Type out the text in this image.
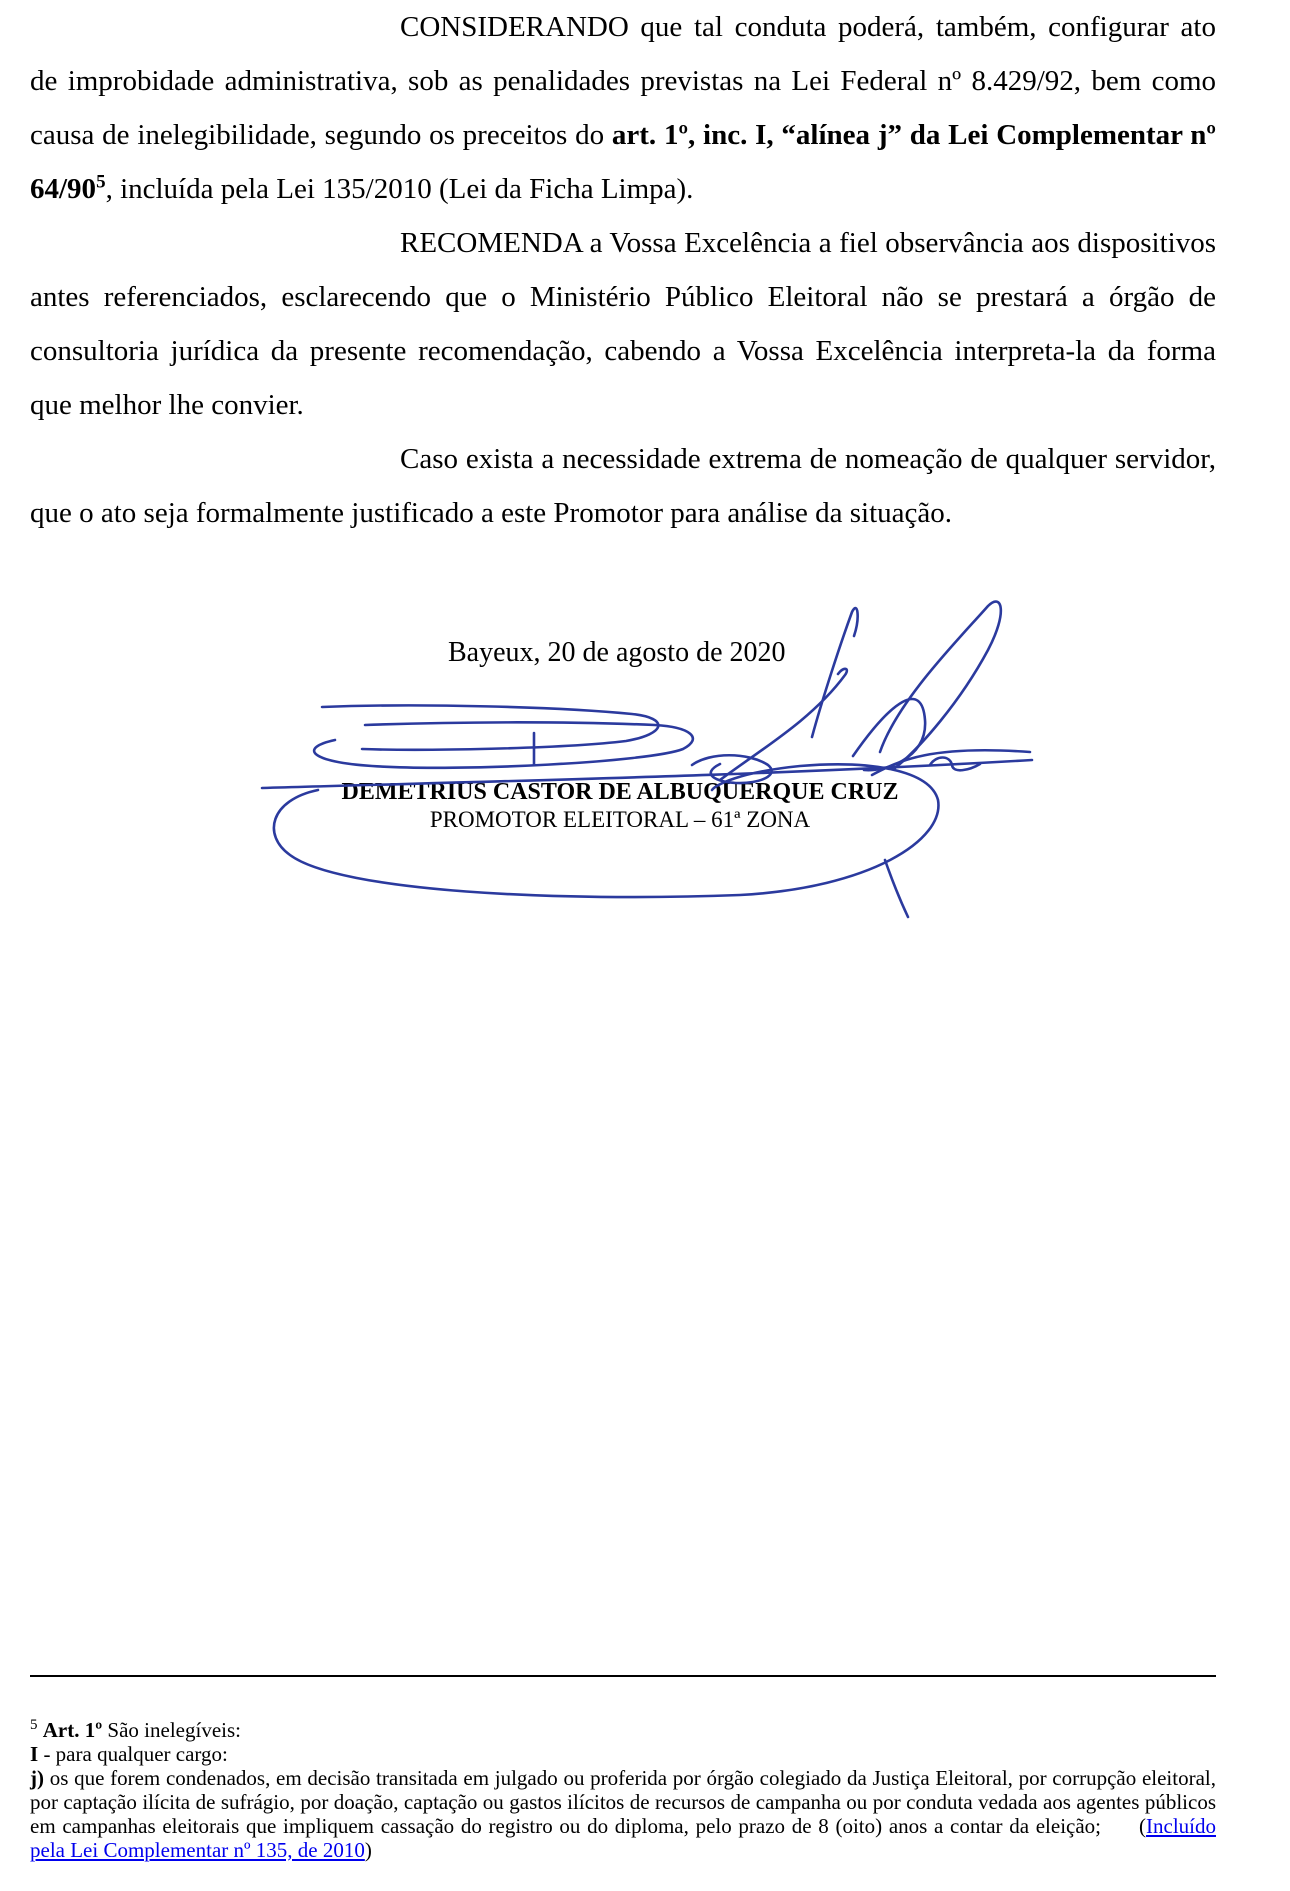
CONSIDERANDO que tal conduta poderá, também, configurar ato de improbidade administrativa, sob as penalidades previstas na Lei Federal nº 8.429/92, bem como causa de inelegibilidade, segundo os preceitos do art. 1º, inc. I, “alínea j” da Lei Complementar nº $64/90^5$, incluída pela Lei 135/2010 (Lei da Ficha Limpa).

RECOMENDA a Vossa Excelência a fiel observância aos dispositivos antes referenciados, esclarecendo que o Ministério Público Eleitoral não se prestará a órgão de consultoria jurídica da presente recomendação, cabendo a Vossa Excelência interpreta-la da forma que melhor lhe convier.

Caso exista a necessidade extrema de nomeação de qualquer servidor, que o ato seja formalmente justificado a este Promotor para análise da situação.

Bayeux, 20 de agosto de 2020
DEMETRIUS CASTOR DE ALBUQUERQUE CRUZ
PROMOTOR ELEITORAL – 61ª ZONA

$^5$ Art. 1º São inelegíveis:

I - para qualquer cargo:

j) os que forem condenados, em decisão transitada em julgado ou proferida por órgão colegiado da Justiça Eleitoral, por corrupção eleitoral, por captação ilícita de sufrágio, por doação, captação ou gastos ilícitos de recursos de campanha ou por conduta vedada aos agentes públicos em campanhas eleitorais que impliquem cassação do registro ou do diploma, pelo prazo de 8 (oito) anos a contar da eleição; (Incluído pela Lei Complementar nº 135, de 2010)
